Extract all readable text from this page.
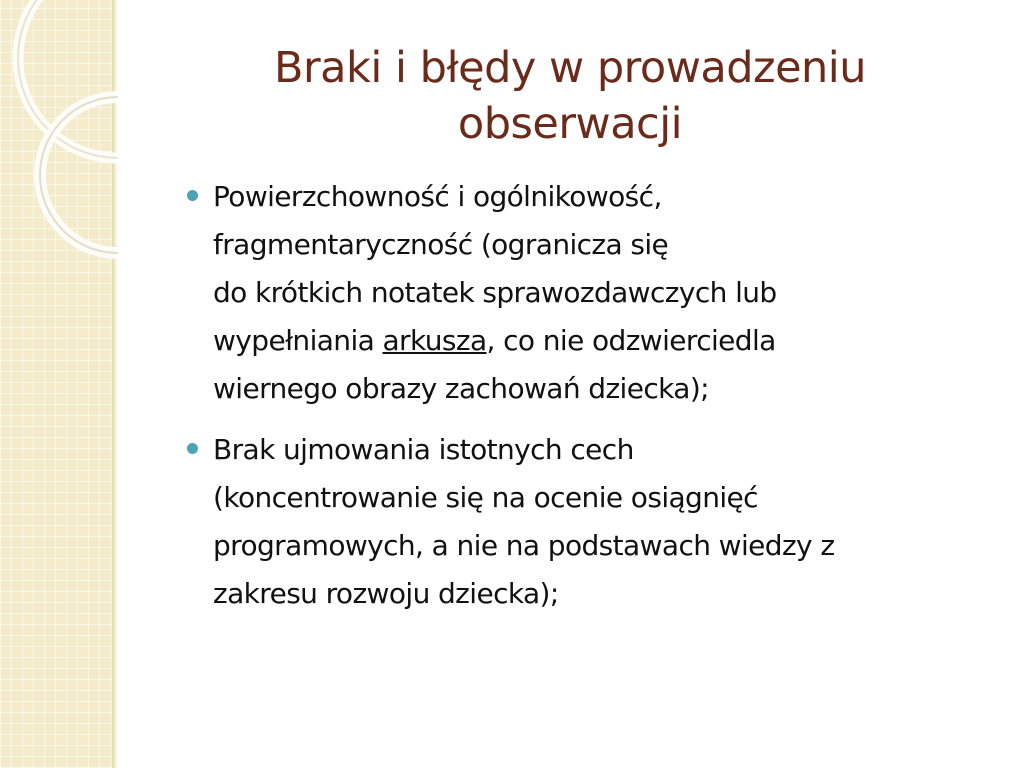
Braki i błędy w prowadzeniu
obserwacji
Powierzchowność i ogólnikowość,
fragmentaryczność (ogranicza się
do krótkich notatek sprawozdawczych lub
wypełniania arkusza, co nie odzwierciedla
wiernego obrazy zachowań dziecka);
Brak ujmowania istotnych cech
(koncentrowanie się na ocenie osiągnięć
programowych, a nie na podstawach wiedzy z
zakresu rozwoju dziecka);
